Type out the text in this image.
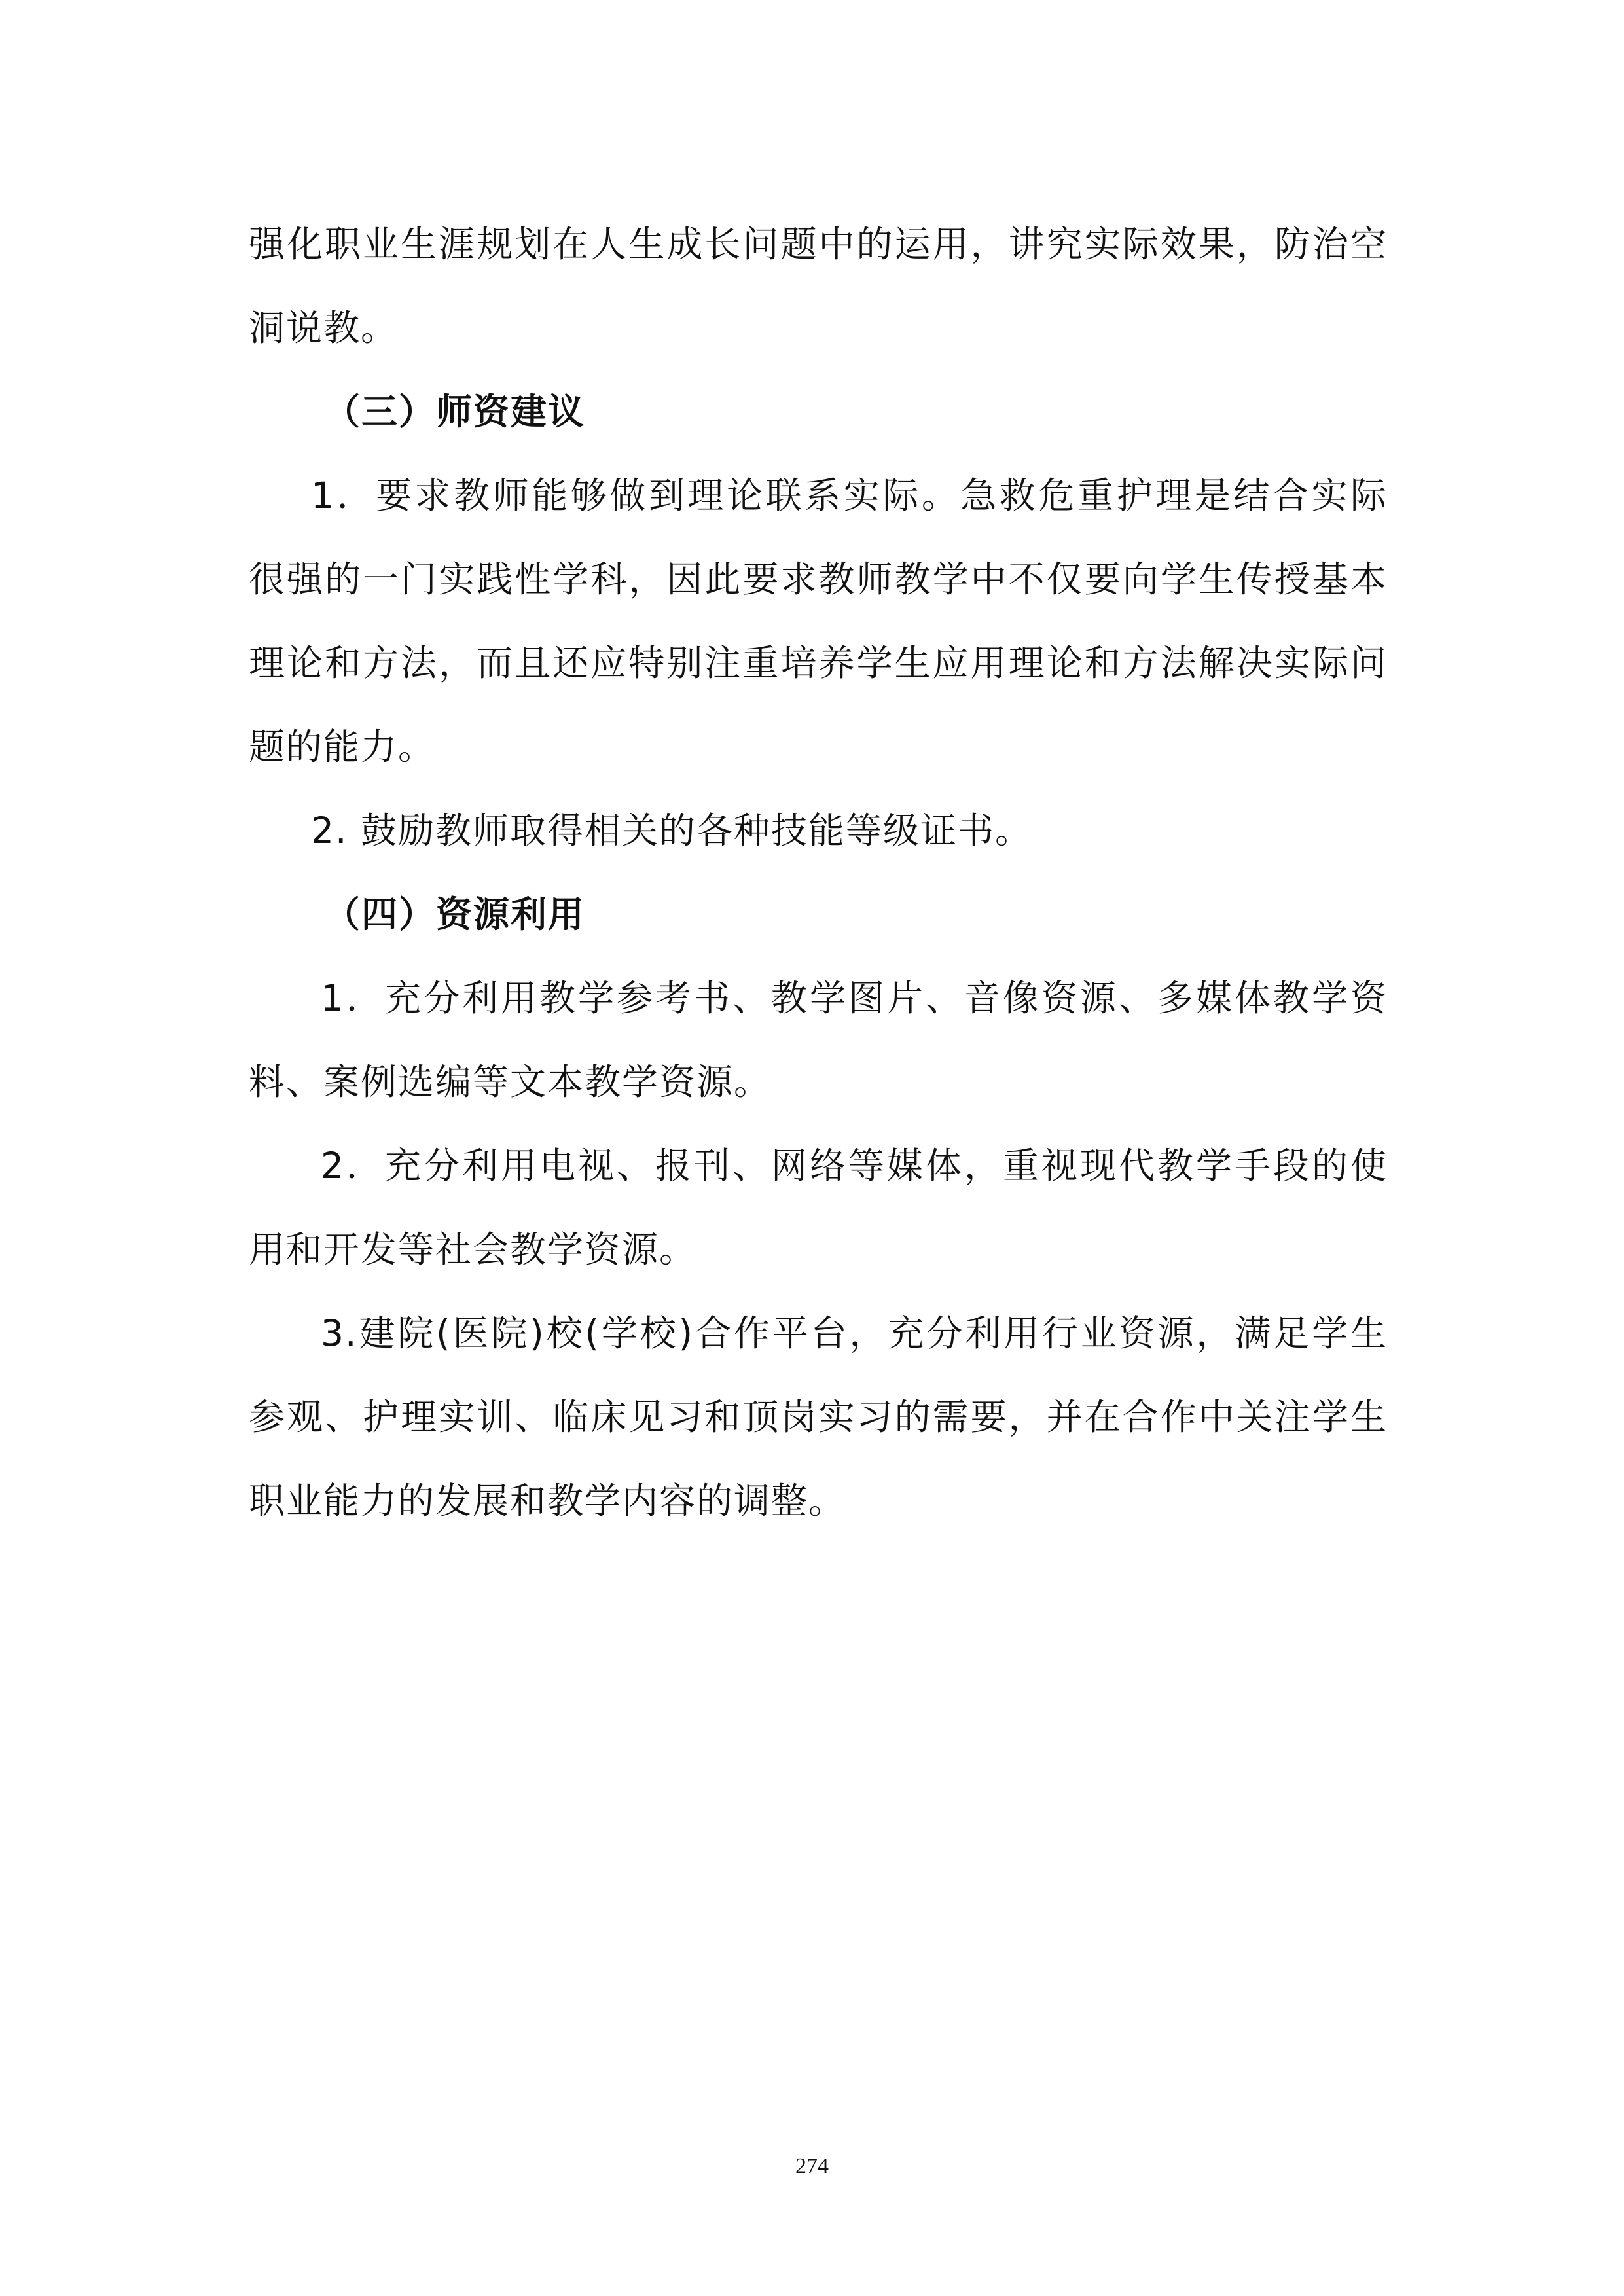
强化职业生涯规划在人生成长问题中的运用，讲究实际效果，防治空
洞说教。
（三）师资建议
1．要求教师能够做到理论联系实际。急救危重护理是结合实际
很强的一门实践性学科，因此要求教师教学中不仅要向学生传授基本
理论和方法，而且还应特别注重培养学生应用理论和方法解决实际问
题的能力。
2. 鼓励教师取得相关的各种技能等级证书。
（四）资源利用
1．充分利用教学参考书、教学图片、音像资源、多媒体教学资
料、案例选编等文本教学资源。
2．充分利用电视、报刊、网络等媒体，重视现代教学手段的使
用和开发等社会教学资源。
3.建院(医院)校(学校)合作平台，充分利用行业资源，满足学生
参观、护理实训、临床见习和顶岗实习的需要，并在合作中关注学生
职业能力的发展和教学内容的调整。
274
